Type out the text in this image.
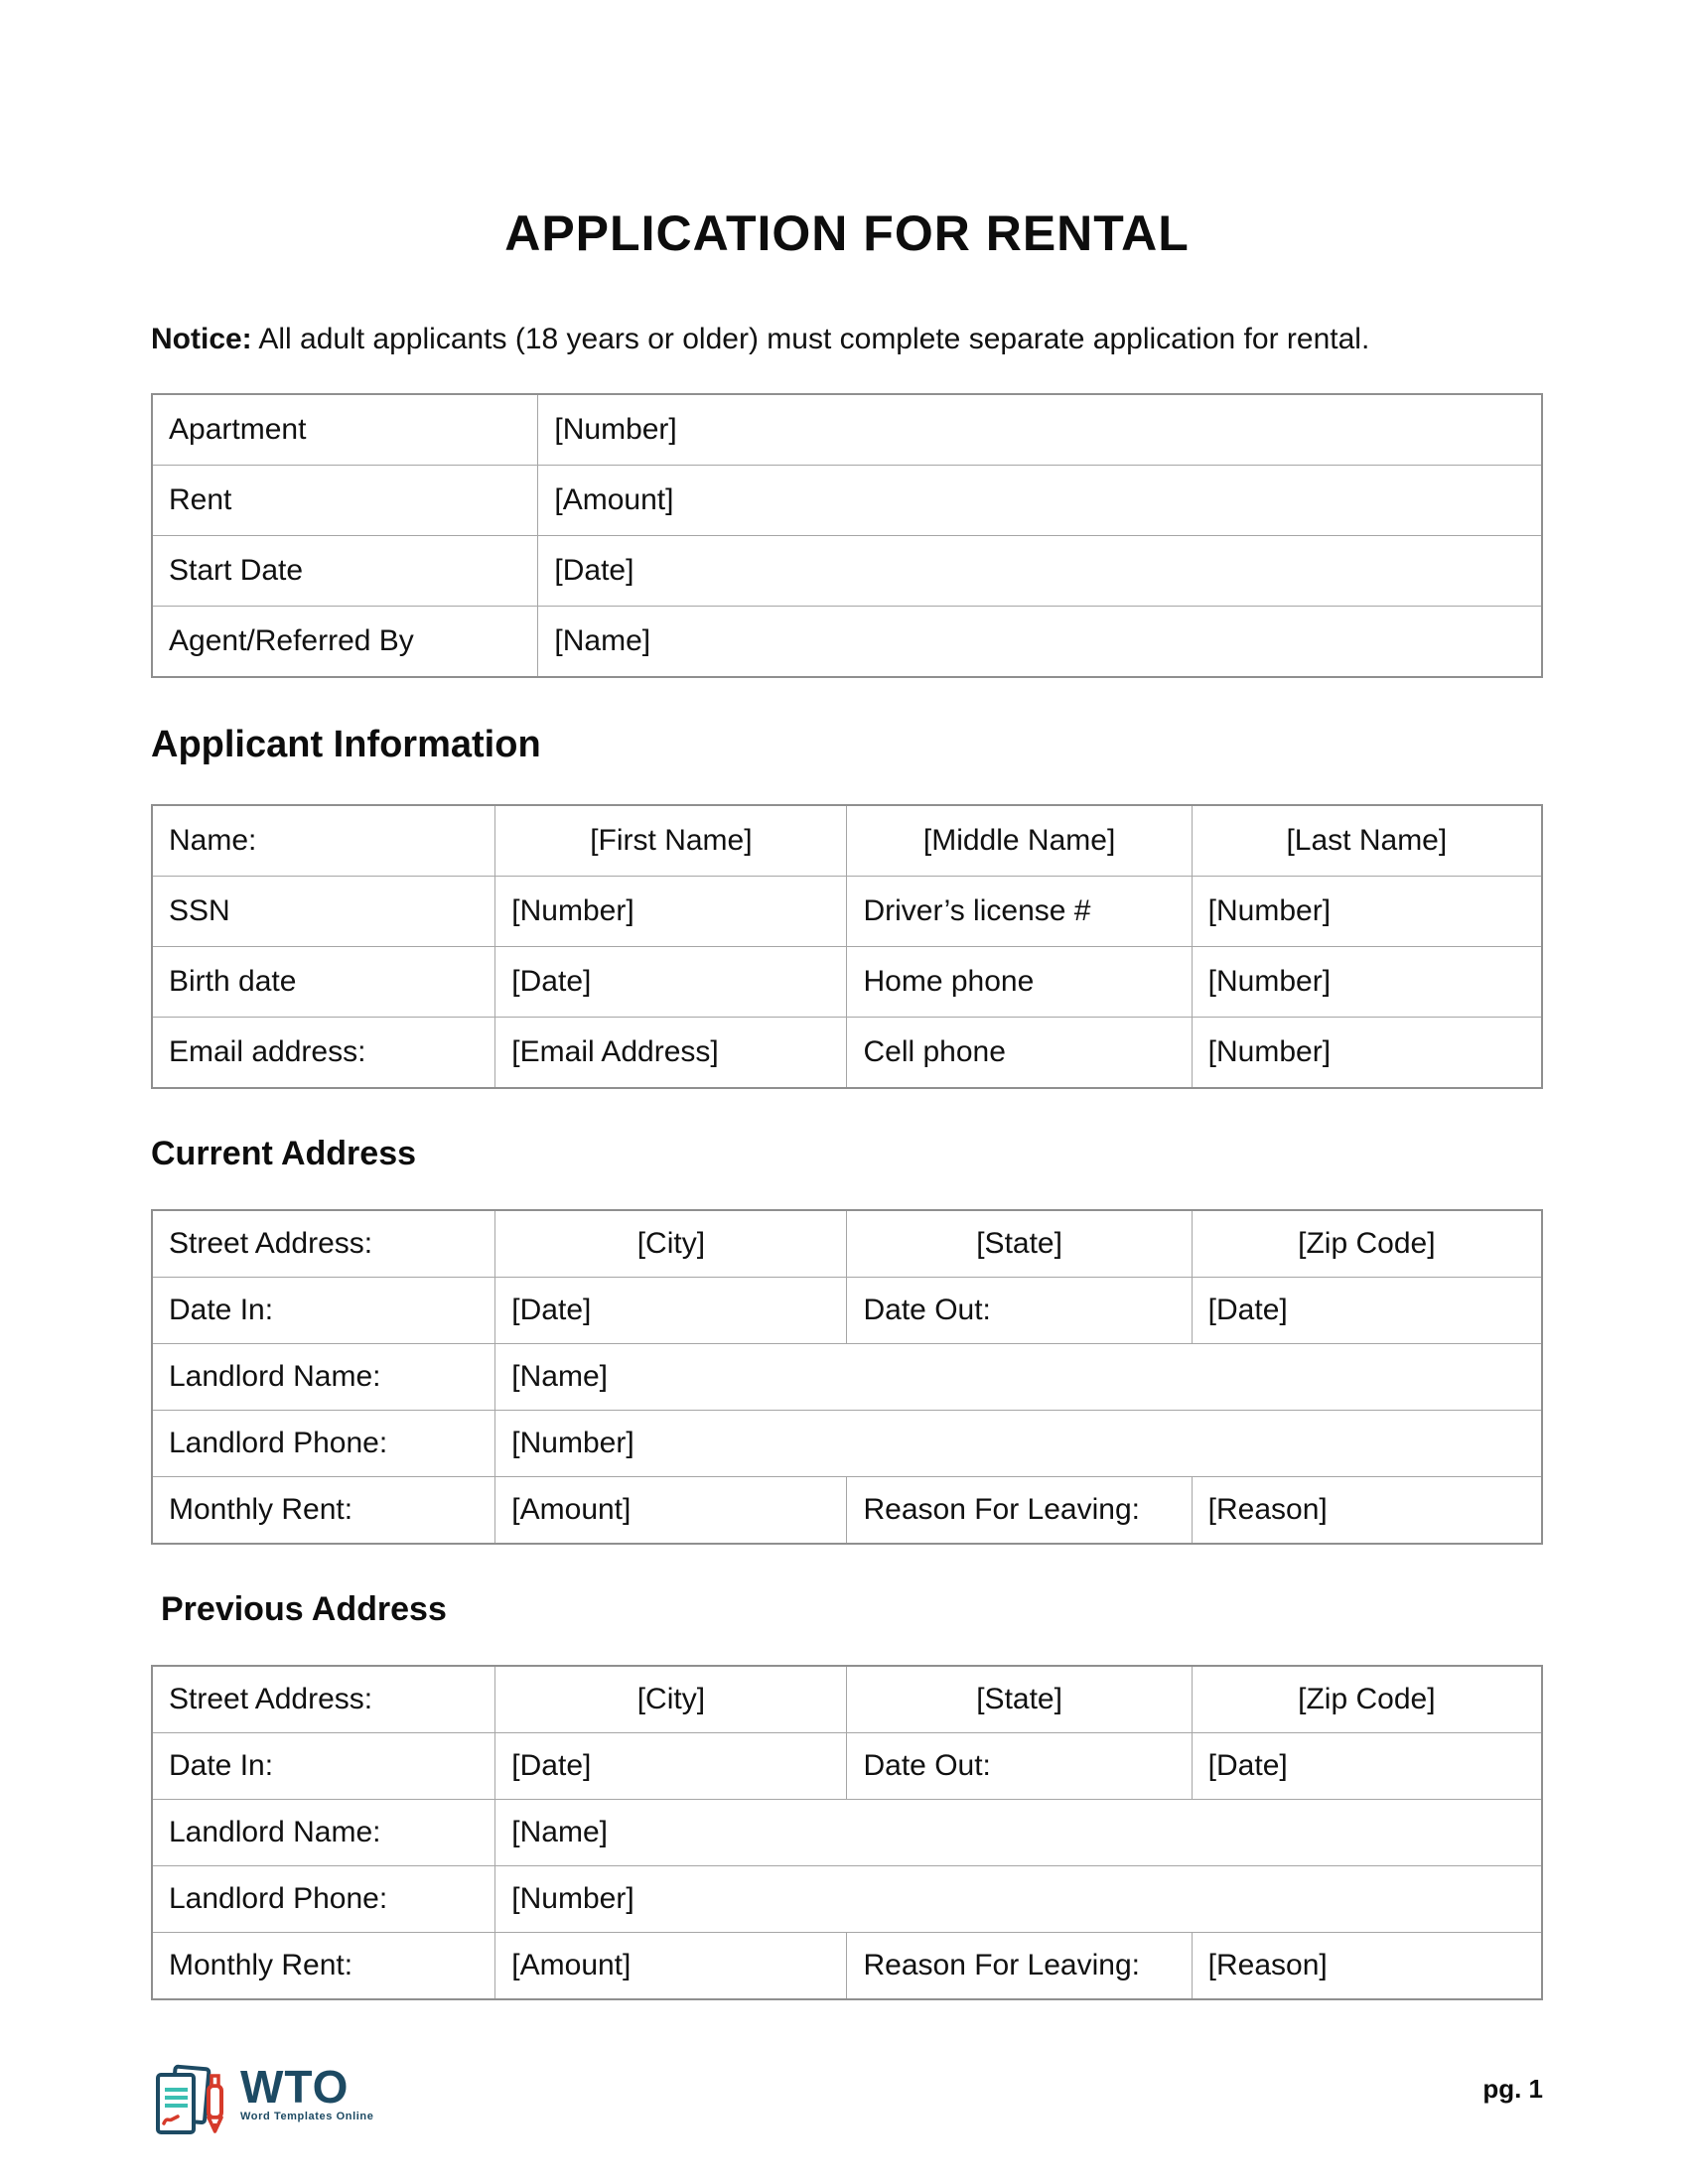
APPLICATION FOR RENTAL

Notice: All adult applicants (18 years or older) must complete separate application for rental.

Apartment	[Number]
Rent	[Amount]
Start Date	[Date]
Agent/Referred By	[Name]
Applicant Information
Name:	[First Name]	[Middle Name]	[Last Name]
SSN	[Number]	Driver’s license #	[Number]
Birth date	[Date]	Home phone	[Number]
Email address:	[Email Address]	Cell phone	[Number]
Current Address
Street Address:	[City]	[State]	[Zip Code]
Date In:	[Date]	Date Out:	[Date]
Landlord Name:	[Name]		
Landlord Phone:	[Number]		
Monthly Rent:	[Amount]	Reason For Leaving:	[Reason]
Previous Address
Street Address:	[City]	[State]	[Zip Code]
Date In:	[Date]	Date Out:	[Date]
Landlord Name:	[Name]		
Landlord Phone:	[Number]		
Monthly Rent:	[Amount]	Reason For Leaving:	[Reason]
WTO
Word Templates Online
pg. 1
